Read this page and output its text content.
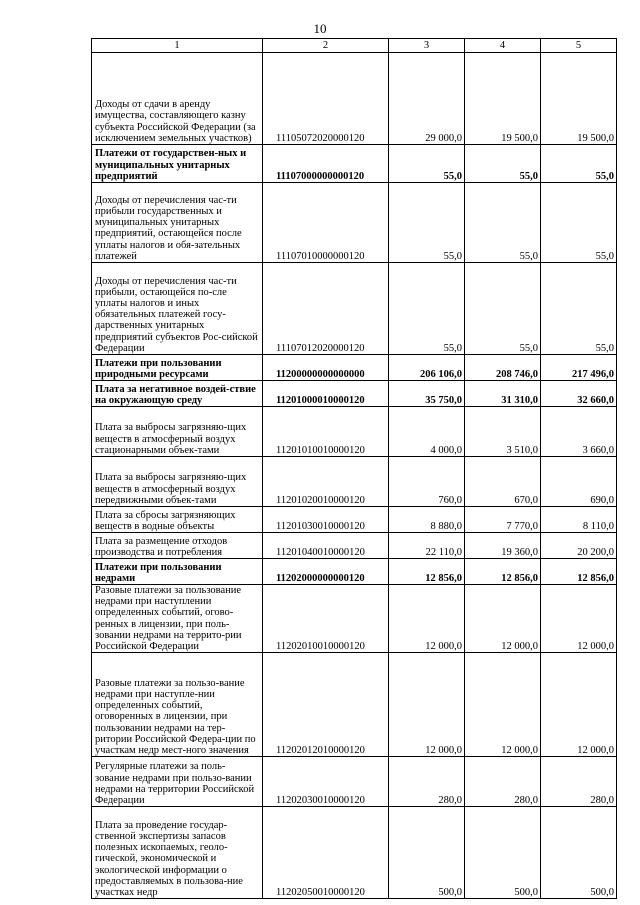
10
1	2	3	4	5
Доходы от сдачи в аренду имущества, составляющего казну субъекта Российской Федерации (за исключением земельных участков)	11105072020000120	29 000,0	19 500,0	19 500,0
Платежи от государствен-ных и муниципальных унитарных предприятий	11107000000000120	55,0	55,0	55,0
Доходы от перечисления час-ти прибыли государственных и муниципальных унитарных предприятий, остающейся после уплаты налогов и обя-зательных платежей	11107010000000120	55,0	55,0	55,0
Доходы от перечисления час-ти прибыли, остающейся по-сле уплаты налогов и иных обязательных платежей госу-дарственных унитарных предприятий субъектов Рос-сийской Федерации	11107012020000120	55,0	55,0	55,0
Платежи при пользовании природными ресурсами	11200000000000000	206 106,0	208 746,0	217 496,0
Плата за негативное воздей-ствие на окружающую среду	11201000010000120	35 750,0	31 310,0	32 660,0
Плата за выбросы загрязняю-щих веществ в атмосферный воздух стационарными объек-тами	11201010010000120	4 000,0	3 510,0	3 660,0
Плата за выбросы загрязняю-щих веществ в атмосферный воздух передвижными объек-тами	11201020010000120	760,0	670,0	690,0
Плата за сбросы загрязняющих веществ в водные объекты	11201030010000120	8 880,0	7 770,0	8 110,0
Плата за размещение отходов производства и потребления	11201040010000120	22 110,0	19 360,0	20 200,0
Платежи при пользовании недрами	11202000000000120	12 856,0	12 856,0	12 856,0
Разовые платежи за пользование недрами при наступлении определенных событий, огово-ренных в лицензии, при поль-зовании недрами на террито-рии Российской Федерации	11202010010000120	12 000,0	12 000,0	12 000,0
Разовые платежи за пользо-вание недрами при наступле-нии определенных событий, оговоренных в лицензии, при пользовании недрами на тер-ритории Российской Федера-ции по участкам недр мест-ного значения	11202012010000120	12 000,0	12 000,0	12 000,0
Регулярные платежи за поль-зование недрами при пользо-вании недрами на территории Российской Федерации	11202030010000120	280,0	280,0	280,0
Плата за проведение государ-ственной экспертизы запасов полезных ископаемых, геоло-гической, экономической и экологической информации о предоставляемых в пользова-ние участках недр	11202050010000120	500,0	500,0	500,0
